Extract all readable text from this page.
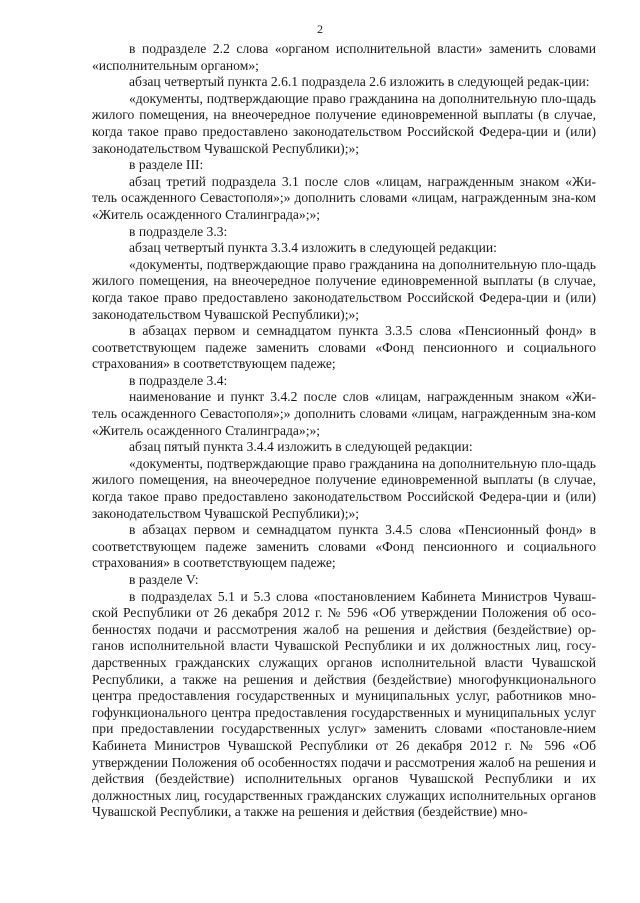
2

в подразделе 2.2 слова «органом исполнительной власти» заменить словами «исполнительным органом»;

абзац четвертый пункта 2.6.1 подраздела 2.6 изложить в следующей редак-ции:

«документы, подтверждающие право гражданина на дополнительную пло-щадь жилого помещения, на внеочередное получение единовременной выплаты (в случае, когда такое право предоставлено законодательством Российской Федера-ции и (или) законодательством Чувашской Республики);»;

в разделе III:

абзац третий подраздела 3.1 после слов «лицам, награжденным знаком «Жи-тель осажденного Севастополя»;» дополнить словами «лицам, награжденным зна-ком «Житель осажденного Сталинграда»;»;

в подразделе 3.3:

абзац четвертый пункта 3.3.4 изложить в следующей редакции:

«документы, подтверждающие право гражданина на дополнительную пло-щадь жилого помещения, на внеочередное получение единовременной выплаты (в случае, когда такое право предоставлено законодательством Российской Федера-ции и (или) законодательством Чувашской Республики);»;

в абзацах первом и семнадцатом пункта 3.3.5 слова «Пенсионный фонд» в соответствующем падеже заменить словами «Фонд пенсионного и социального страхования» в соответствующем падеже;

в подразделе 3.4:

наименование и пункт 3.4.2 после слов «лицам, награжденным знаком «Жи-тель осажденного Севастополя»;» дополнить словами «лицам, награжденным зна-ком «Житель осажденного Сталинграда»;»;

абзац пятый пункта 3.4.4 изложить в следующей редакции:

«документы, подтверждающие право гражданина на дополнительную пло-щадь жилого помещения, на внеочередное получение единовременной выплаты (в случае, когда такое право предоставлено законодательством Российской Федера-ции и (или) законодательством Чувашской Республики);»;

в абзацах первом и семнадцатом пункта 3.4.5 слова «Пенсионный фонд» в соответствующем падеже заменить словами «Фонд пенсионного и социального страхования» в соответствующем падеже;

в разделе V:

в подразделах 5.1 и 5.3 слова «постановлением Кабинета Министров Чуваш-ской Республики от 26 декабря 2012 г. № 596 «Об утверждении Положения об осо-бенностях подачи и рассмотрения жалоб на решения и действия (бездействие) ор-ганов исполнительной власти Чувашской Республики и их должностных лиц, госу-дарственных гражданских служащих органов исполнительной власти Чувашской Республики, а также на решения и действия (бездействие) многофункционального центра предоставления государственных и муниципальных услуг, работников мно-гофункционального центра предоставления государственных и муниципальных услуг при предоставлении государственных услуг» заменить словами «постановле-нием Кабинета Министров Чувашской Республики от 26 декабря 2012 г. № 596 «Об утверждении Положения об особенностях подачи и рассмотрения жалоб на решения и действия (бездействие) исполнительных органов Чувашской Республики и их должностных лиц, государственных гражданских служащих исполнительных органов Чувашской Республики, а также на решения и действия (бездействие) мно-
